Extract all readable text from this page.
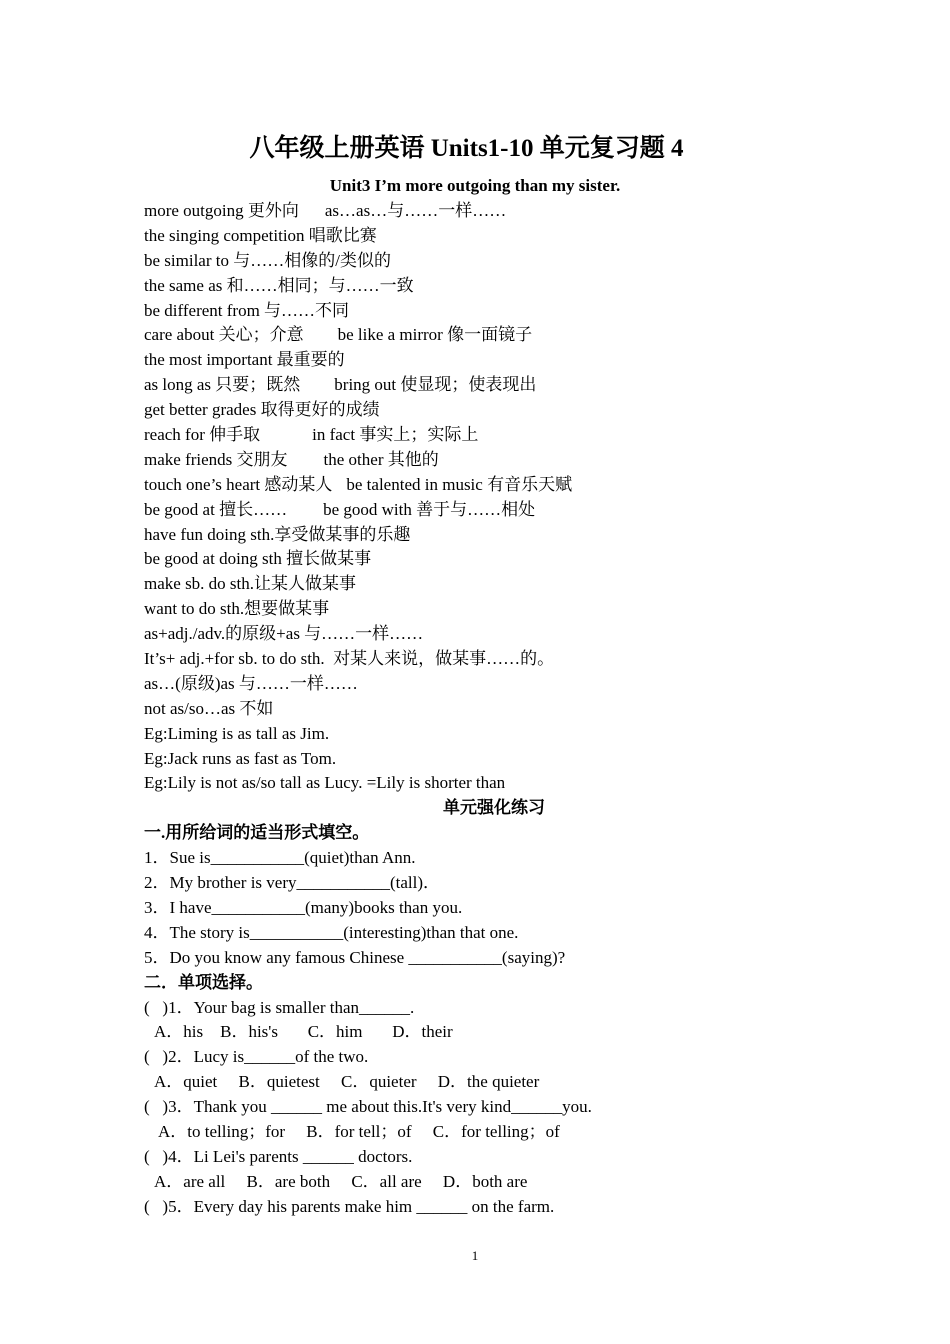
八年级上册英语 Units1-10 单元复习题 4
Unit3 I’m more outgoing than my sister.
more outgoing 更外向 as…as…与……一样……
the singing competition 唱歌比赛
be similar to 与……相像的/类似的
the same as 和……相同；与……一致
be different from 与……不同
care about 关心；介意 be like a mirror 像一面镜子
the most important 最重要的
as long as 只要；既然 bring out 使显现；使表现出
get better grades 取得更好的成绩
reach for 伸手取	in fact 事实上；实际上
make friends 交朋友 the other 其他的
touch one’s heart 感动某人 be talented in music 有音乐天赋
be good at 擅长…… be good with 善于与……相处
have fun doing sth.享受做某事的乐趣
be good at doing sth 擅长做某事
make sb. do sth.让某人做某事
want to do sth.想要做某事
as+adj./adv.的原级+as 与……一样……
It’s+ adj.+for sb. to do sth.  对某人来说，做某事……的。
as…(原级)as 与……一样……
not as/so…as 不如
Eg:Liming is as tall as Jim.
Eg:Jack runs as fast as Tom.
Eg:Lily is not as/so tall as Lucy. =Lily is shorter than
单元强化练习
一.用所给词的适当形式填空。
1．Sue is___________(quiet)than Ann.
2．My brother is very___________(tall)．
3．I have___________(many)books than you.
4．The story is___________(interesting)than that one.
5．Do you know any famous Chinese ___________(saying)?
二．单项选择。
(   )1．Your bag is smaller than______.
A．his    B．his's       C．him       D．their
(   )2．Lucy is______of the two.
A．quiet     B．quietest     C．quieter     D．the quieter
(   )3．Thank you ______ me about this.It's very kind______you.
A．to telling；for     B．for tell；of     C．for telling；of
(   )4．Li Lei's parents ______ doctors.
A．are all     B．are both     C．all are     D．both are
(   )5．Every day his parents make him ______ on the farm.
1
